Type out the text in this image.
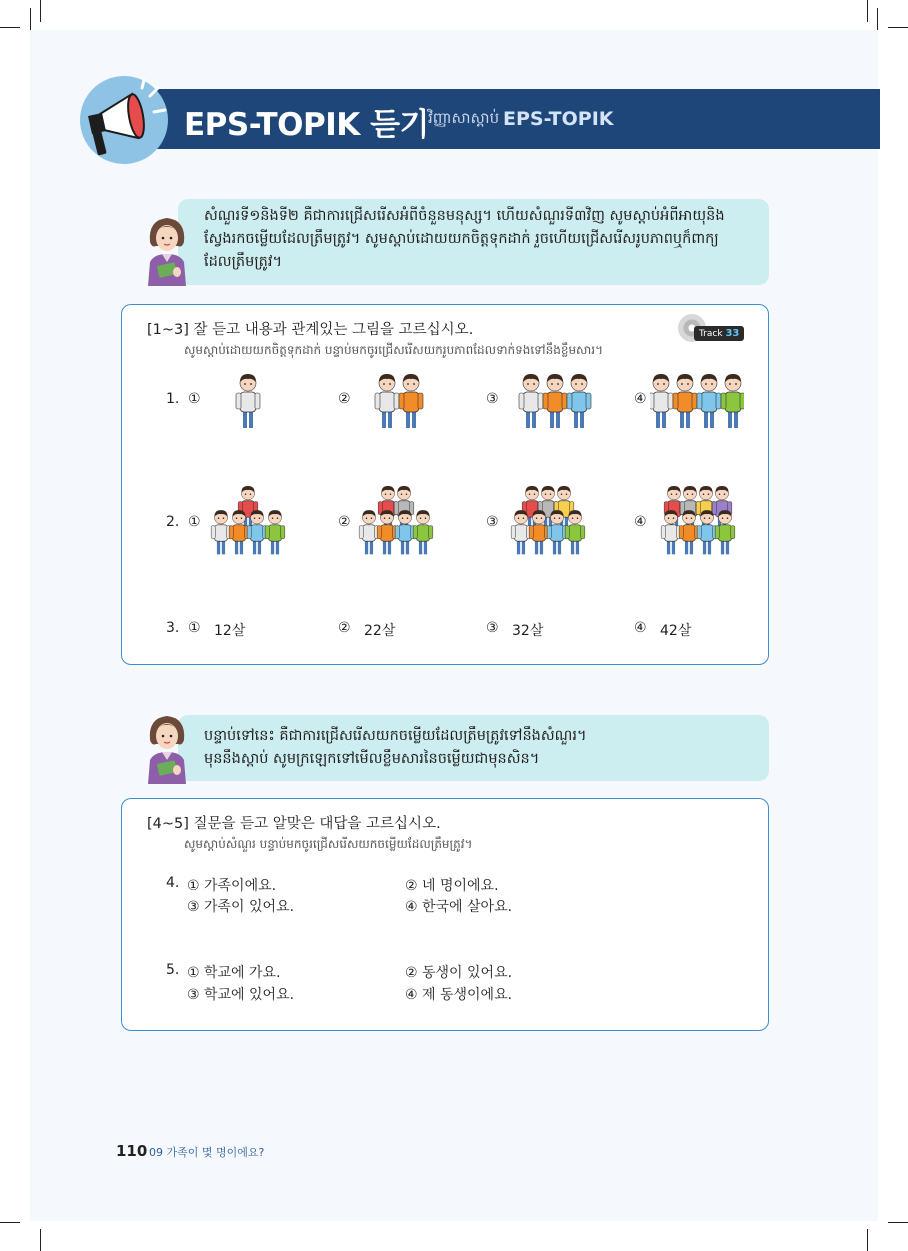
EPS-TOPIK 듣기 វិញ្ញាសាស្តាប់ EPS-TOPIK
សំណួរទី១និងទី២ គឺជាការជ្រើសរើសអំពីចំនួនមនុស្ស។ ហើយសំណួរទី៣វិញ សូមស្ដាប់អំពីអាយុនិង
ស្វែងរកចម្លើយដែលត្រឹមត្រូវ។ សូមស្ដាប់ដោយយកចិត្តទុកដាក់ រួចហើយជ្រើសរើសរូបភាពឬក៏ពាក្យ
ដែលត្រឹមត្រូវ។
[1~3] 잘 듣고 내용과 관계있는 그림을 고르십시오.
សូមស្ដាប់ដោយយកចិត្តទុកដាក់ បន្ទាប់មកចូរជ្រើសរើសយករូបភាពដែលទាក់ទងទៅនឹងខ្លឹមសារ។
Track 33
1. ①	②	③	④
2. ①	②	③	④
3. ① 12살	② 22살	③ 32살	④ 42살
បន្ទាប់ទៅនេះ គឺជាការជ្រើសរើសយកចម្លើយដែលត្រឹមត្រូវទៅនឹងសំណួរ។
មុននឹងស្ដាប់ សូមក្រឡេកទៅមើលខ្លឹមសារនៃចម្លើយជាមុនសិន។
[4~5] 질문을 듣고 알맞은 대답을 고르십시오.
សូមស្ដាប់សំណួរ បន្ទាប់មកចូរជ្រើសរើសយកចម្លើយដែលត្រឹមត្រូវ។
4. ① 가족이에요.	② 네 명이에요.
③ 가족이 있어요.	④ 한국에 살아요.
5. ① 학교에 가요.	② 동생이 있어요.
③ 학교에 있어요.	④ 제 동생이에요.
110 09 가족이 몇 명이에요?
